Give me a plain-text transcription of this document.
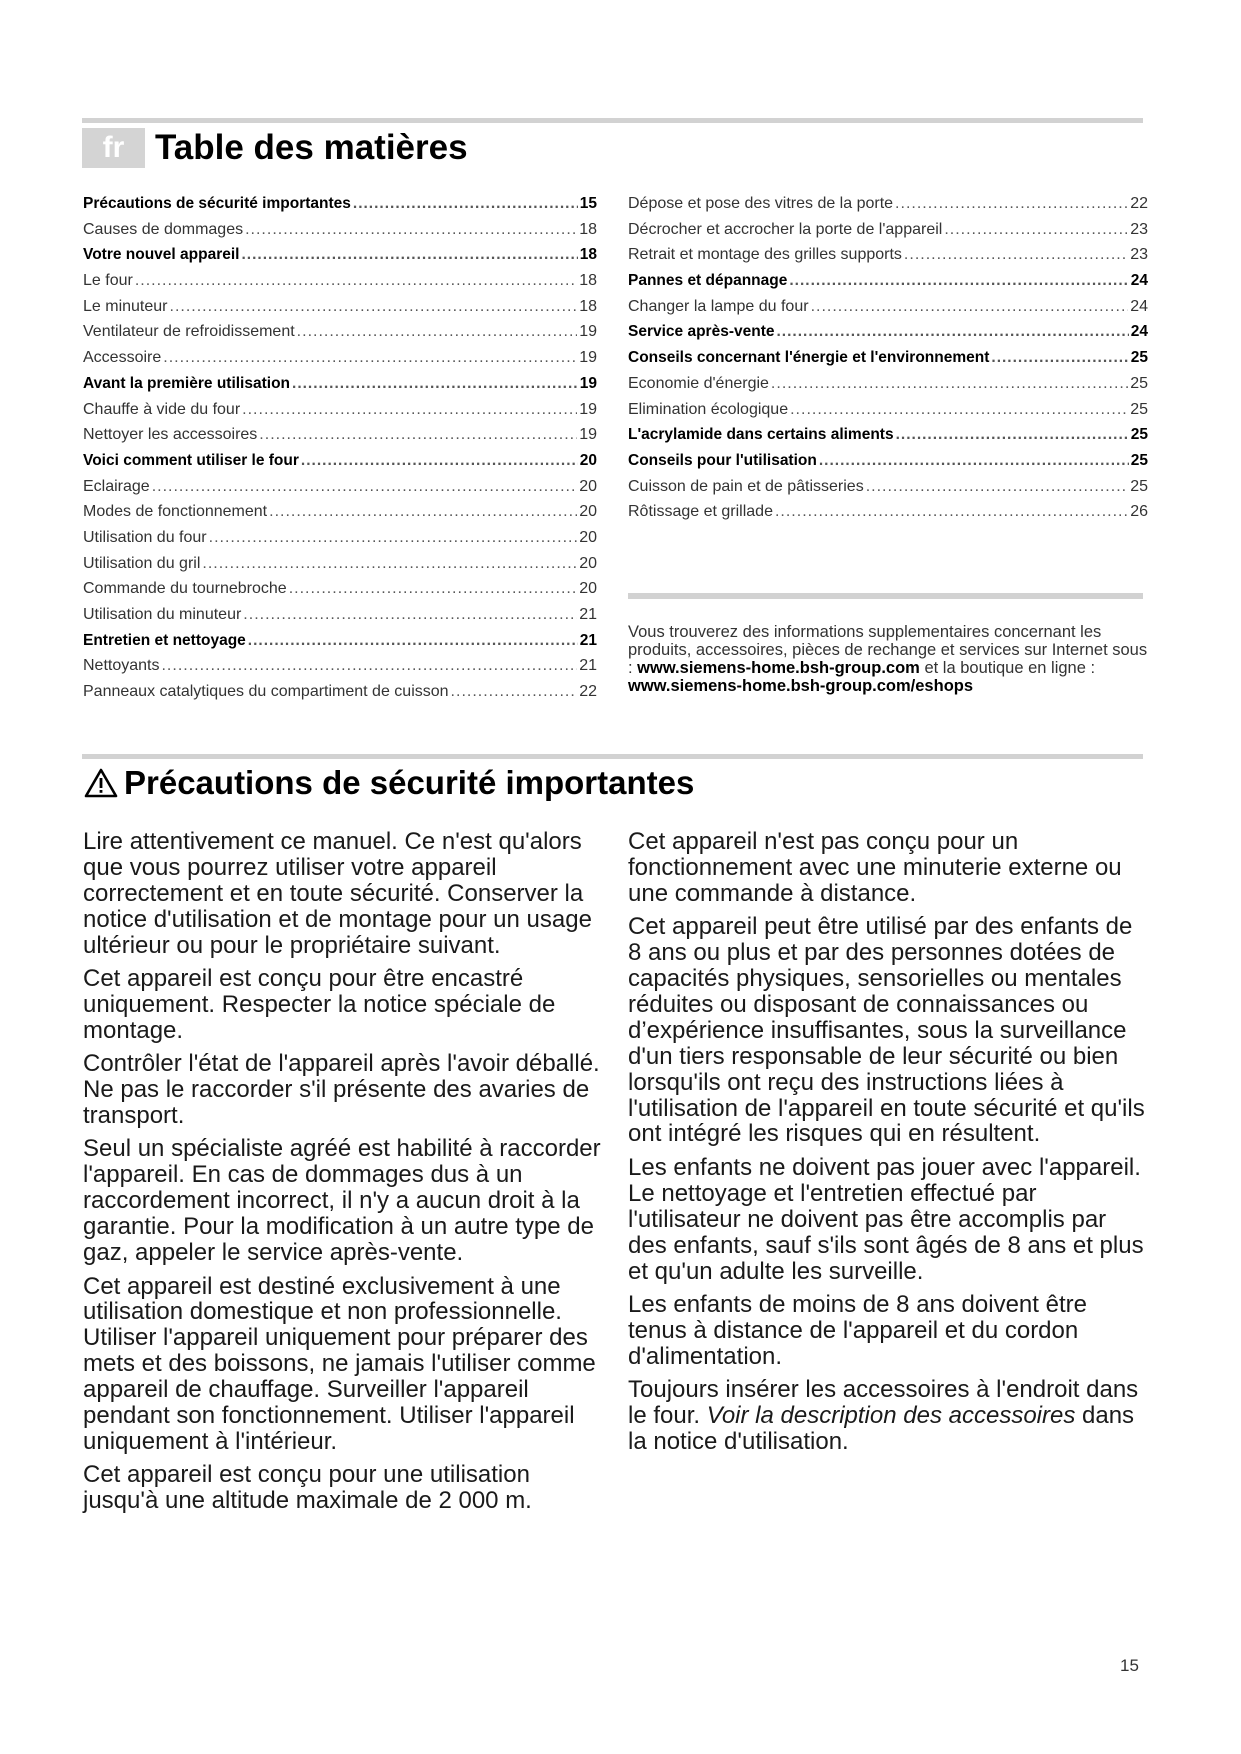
fr Table des matières
Précautions de sécurité importantes .....	15
Causes de dommages .....	18
Votre nouvel appareil .....	18
Le four .....	18
Le minuteur .....	18
Ventilateur de refroidissement .....	19
Accessoire .....	19
Avant la première utilisation .....	19
Chauffe à vide du four .....	19
Nettoyer les accessoires .....	19
Voici comment utiliser le four .....	20
Eclairage .....	20
Modes de fonctionnement .....	20
Utilisation du four .....	20
Utilisation du gril .....	20
Commande du tournebroche .....	20
Utilisation du minuteur .....	21
Entretien et nettoyage .....	21
Nettoyants .....	21
Panneaux catalytiques du compartiment de cuisson .....	22
Dépose et pose des vitres de la porte .....	22
Décrocher et accrocher la porte de l'appareil .....	23
Retrait et montage des grilles supports .....	23
Pannes et dépannage .....	24
Changer la lampe du four .....	24
Service après-vente .....	24
Conseils concernant l'énergie et l'environnement .....	25
Economie d'énergie .....	25
Elimination écologique .....	25
L'acrylamide dans certains aliments .....	25
Conseils pour l'utilisation .....	25
Cuisson de pain et de pâtisseries .....	25
Rôtissage et grillade .....	26
Vous trouverez des informations supplementaires concernant les produits, accessoires, pièces de rechange et services sur Internet sous : www.siemens-home.bsh-group.com et la boutique en ligne : www.siemens-home.bsh-group.com/eshops
Précautions de sécurité importantes

Lire attentivement ce manuel. Ce n'est qu'alors que vous pourrez utiliser votre appareil correctement et en toute sécurité. Conserver la notice d'utilisation et de montage pour un usage ultérieur ou pour le propriétaire suivant.

Cet appareil est conçu pour être encastré uniquement. Respecter la notice spéciale de montage.

Contrôler l'état de l'appareil après l'avoir déballé. Ne pas le raccorder s'il présente des avaries de transport.

Seul un spécialiste agréé est habilité à raccorder l'appareil. En cas de dommages dus à un raccordement incorrect, il n'y a aucun droit à la garantie. Pour la modification à un autre type de gaz, appeler le service après-vente.

Cet appareil est destiné exclusivement à une utilisation domestique et non professionnelle. Utiliser l'appareil uniquement pour préparer des mets et des boissons, ne jamais l'utiliser comme appareil de chauffage. Surveiller l'appareil pendant son fonctionnement. Utiliser l'appareil uniquement à l'intérieur.

Cet appareil est conçu pour une utilisation jusqu'à une altitude maximale de 2 000 m.

Cet appareil n'est pas conçu pour un fonctionnement avec une minuterie externe ou une commande à distance.

Cet appareil peut être utilisé par des enfants de 8 ans ou plus et par des personnes dotées de capacités physiques, sensorielles ou mentales réduites ou disposant de connaissances ou d’expérience insuffisantes, sous la surveillance d'un tiers responsable de leur sécurité ou bien lorsqu'ils ont reçu des instructions liées à l'utilisation de l'appareil en toute sécurité et qu'ils ont intégré les risques qui en résultent.

Les enfants ne doivent pas jouer avec l'appareil. Le nettoyage et l'entretien effectué par l'utilisateur ne doivent pas être accomplis par des enfants, sauf s'ils sont âgés de 8 ans et plus et qu'un adulte les surveille.

Les enfants de moins de 8 ans doivent être tenus à distance de l'appareil et du cordon d'alimentation.

Toujours insérer les accessoires à l'endroit dans le four. Voir la description des accessoires dans la notice d'utilisation.

15
